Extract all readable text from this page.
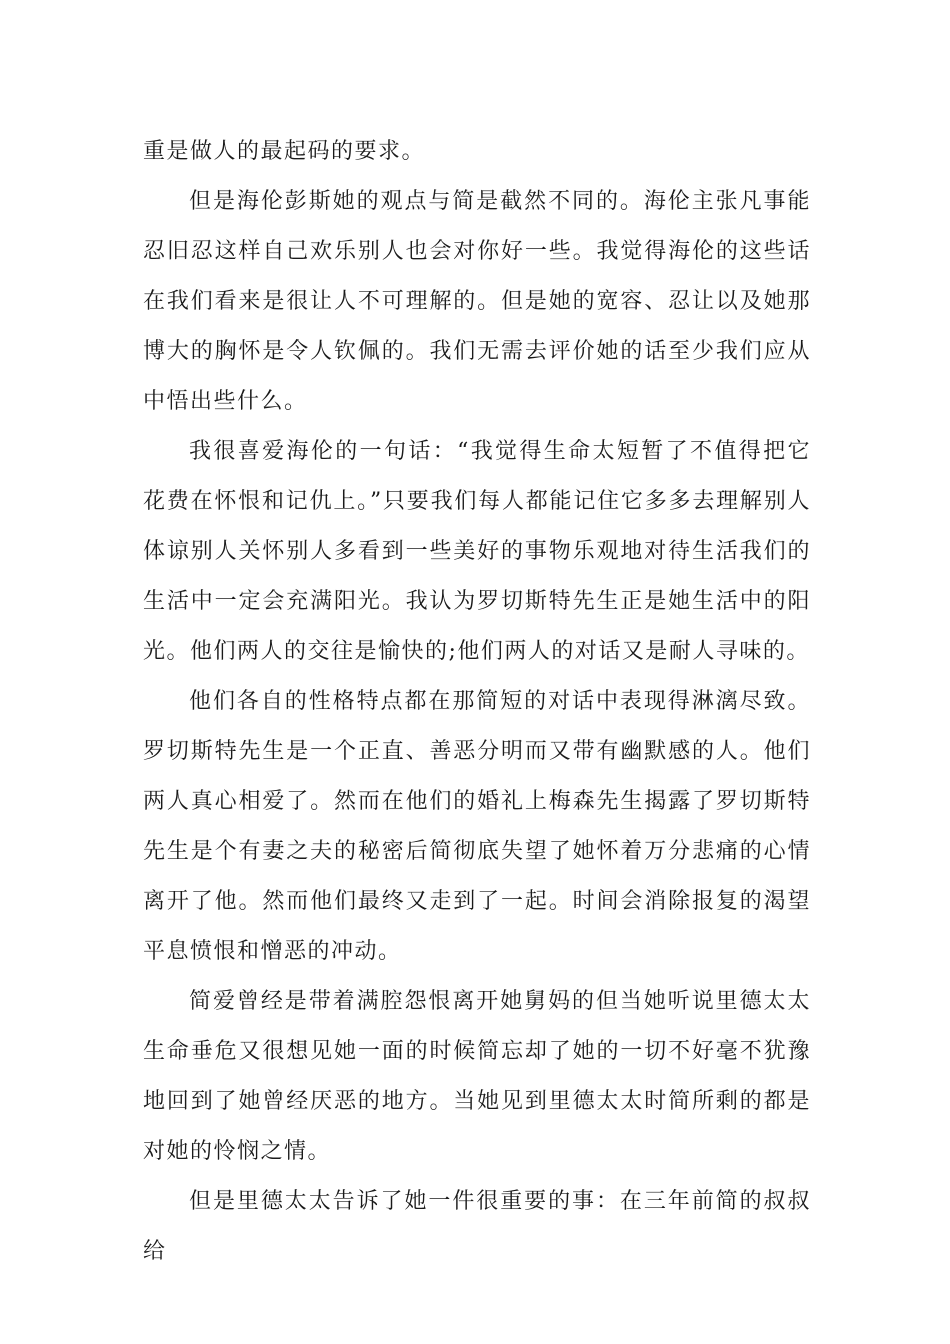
重是做人的最起码的要求。

但是海伦彭斯她的观点与简是截然不同的。海伦主张凡事能忍旧忍这样自己欢乐别人也会对你好一些。我觉得海伦的这些话在我们看来是很让人不可理解的。但是她的宽容、忍让以及她那博大的胸怀是令人钦佩的。我们无需去评价她的话至少我们应从中悟出些什么。

我很喜爱海伦的一句话：“我觉得生命太短暂了不值得把它花费在怀恨和记仇上。”只要我们每人都能记住它多多去理解别人体谅别人关怀别人多看到一些美好的事物乐观地对待生活我们的生活中一定会充满阳光。我认为罗切斯特先生正是她生活中的阳光。他们两人的交往是愉快的;他们两人的对话又是耐人寻味的。

他们各自的性格特点都在那简短的对话中表现得淋漓尽致。罗切斯特先生是一个正直、善恶分明而又带有幽默感的人。他们两人真心相爱了。然而在他们的婚礼上梅森先生揭露了罗切斯特先生是个有妻之夫的秘密后简彻底失望了她怀着万分悲痛的心情离开了他。然而他们最终又走到了一起。时间会消除报复的渴望平息愤恨和憎恶的冲动。

简爱曾经是带着满腔怨恨离开她舅妈的但当她听说里德太太生命垂危又很想见她一面的时候简忘却了她的一切不好毫不犹豫地回到了她曾经厌恶的地方。当她见到里德太太时简所剩的都是对她的怜悯之情。

但是里德太太告诉了她一件很重要的事：在三年前简的叔叔给
